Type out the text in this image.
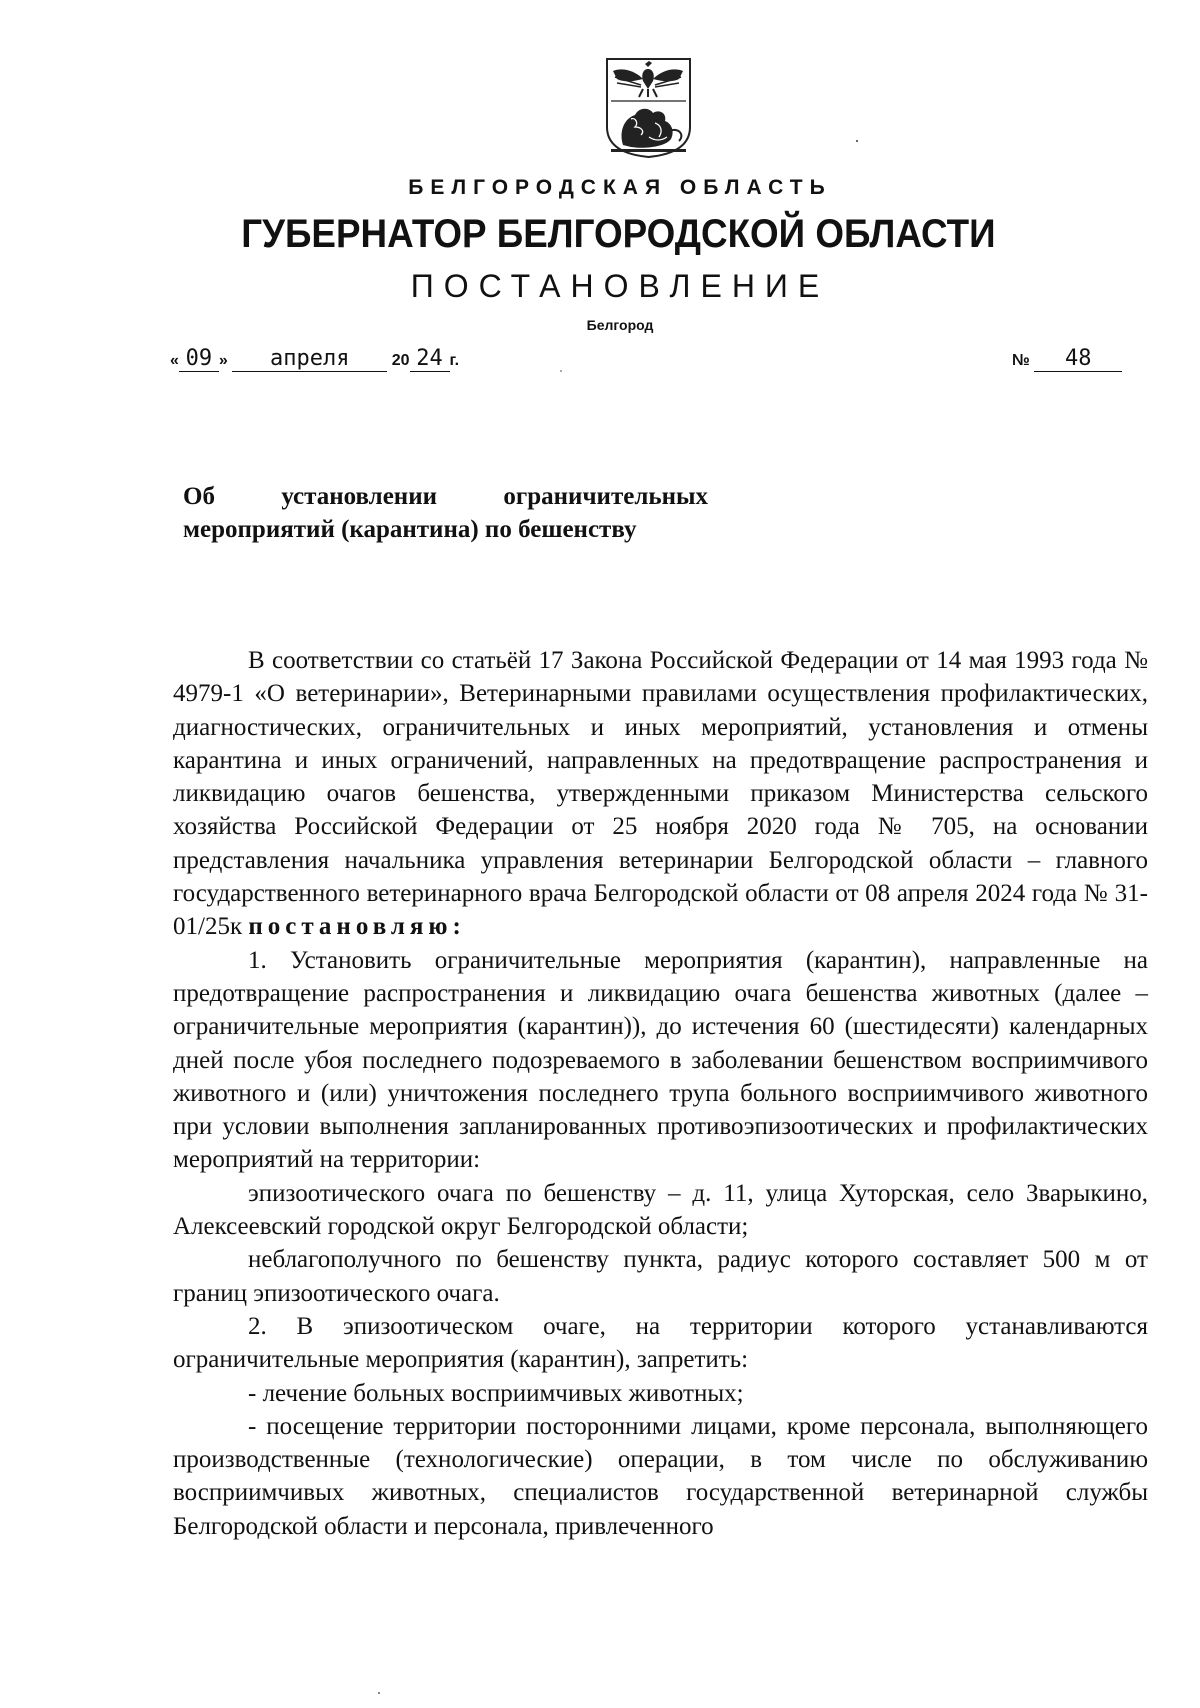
БЕЛГОРОДСКАЯ ОБЛАСТЬ
ГУБЕРНАТОР БЕЛГОРОДСКОЙ ОБЛАСТИ
ПОСТАНОВЛЕНИЕ
Белгород
« 09 » апреля	20 24 г.	№ 48
Об установлении ограничительных
мероприятий (карантина) по бешенству

В соответствии со статьёй 17 Закона Российской Федерации от 14 мая 1993 года № 4979-1 «О ветеринарии», Ветеринарными правилами осуществления профилактических, диагностических, ограничительных и иных мероприятий, установления и отмены карантина и иных ограничений, направленных на предотвращение распространения и ликвидацию очагов бешенства, утвержденными приказом Министерства сельского хозяйства Российской Федерации от 25 ноября 2020 года № 705, на основании представления начальника управления ветеринарии Белгородской области – главного государственного ветеринарного врача Белгородской области от 08 апреля 2024 года № 31-01/25к постановляю:

1. Установить ограничительные мероприятия (карантин), направленные на предотвращение распространения и ликвидацию очага бешенства животных (далее – ограничительные мероприятия (карантин)), до истечения 60 (шестидесяти) календарных дней после убоя последнего подозреваемого в заболевании бешенством восприимчивого животного и (или) уничтожения последнего трупа больного восприимчивого животного при условии выполнения запланированных противоэпизоотических и профилактических мероприятий на территории:

эпизоотического очага по бешенству – д. 11, улица Хуторская, село Зварыкино, Алексеевский городской округ Белгородской области;

неблагополучного по бешенству пункта, радиус которого составляет 500 м от границ эпизоотического очага.

2. В эпизоотическом очаге, на территории которого устанавливаются ограничительные мероприятия (карантин), запретить:

- лечение больных восприимчивых животных;

- посещение территории посторонними лицами, кроме персонала, выполняющего производственные (технологические) операции, в том числе по обслуживанию восприимчивых животных, специалистов государственной ветеринарной службы Белгородской области и персонала, привлеченного
